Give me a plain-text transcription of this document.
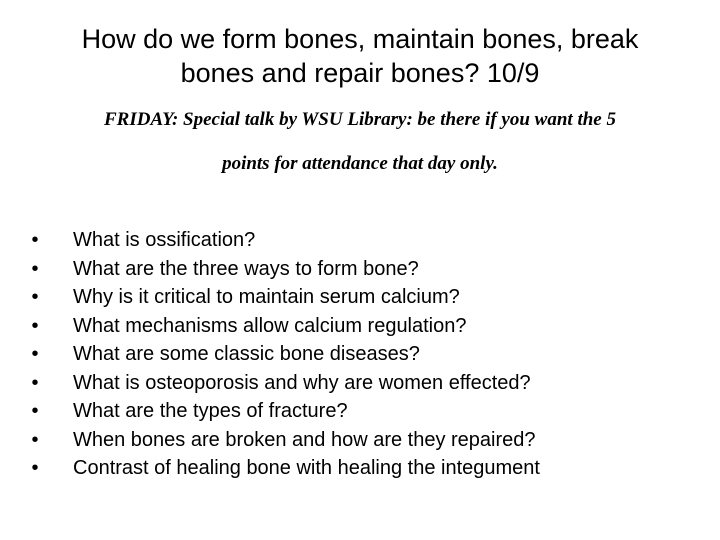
How do we form bones, maintain bones, break
bones and repair bones? 10/9
FRIDAY: Special talk by WSU Library: be there if you want the 5
points for attendance that day only.
• What is ossification?
• What are the three ways to form bone?
• Why is it critical to maintain serum calcium?
• What mechanisms allow calcium regulation?
• What are some classic bone diseases?
• What is osteoporosis and why are women effected?
• What are the types of fracture?
• When bones are broken and how are they repaired?
• Contrast of healing bone with healing the integument
